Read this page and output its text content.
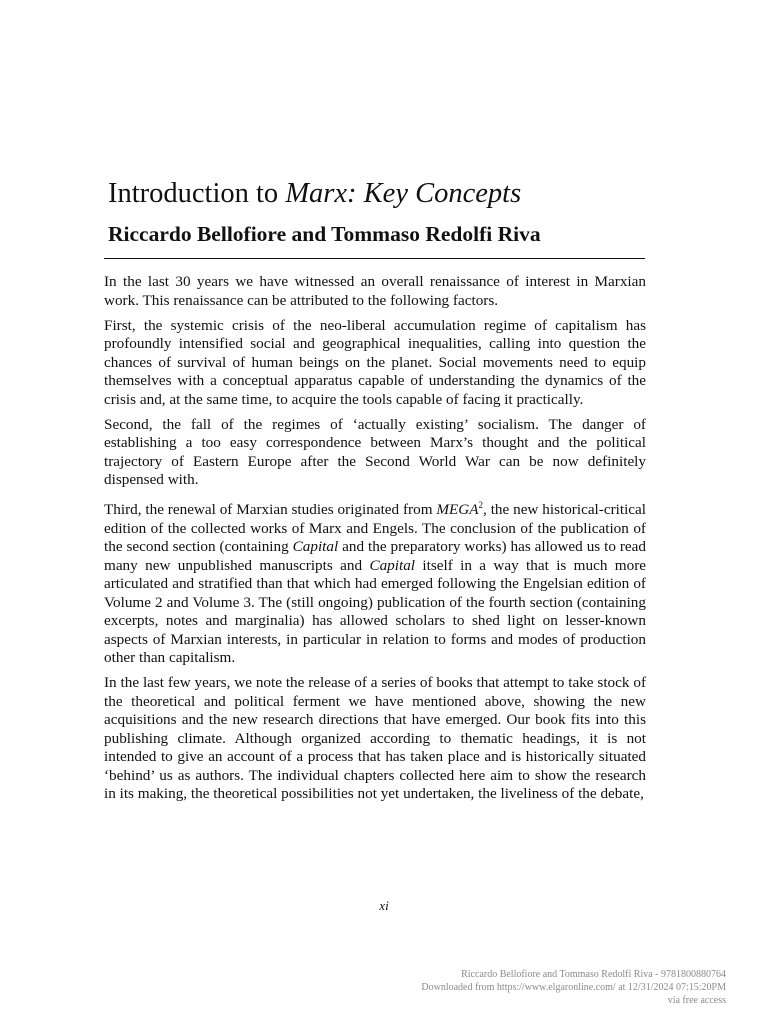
Introduction to Marx: Key Concepts
Riccardo Bellofiore and Tommaso Redolfi Riva

In the last 30 years we have witnessed an overall renaissance of interest in Marxian work. This renaissance can be attributed to the following factors.

First, the systemic crisis of the neo-liberal accumulation regime of capitalism has profoundly intensified social and geographical inequalities, calling into question the chances of survival of human beings on the planet. Social movements need to equip themselves with a conceptual apparatus capable of understanding the dynamics of the crisis and, at the same time, to acquire the tools capable of facing it practically.

Second, the fall of the regimes of ‘actually existing’ socialism. The danger of establishing a too easy correspondence between Marx’s thought and the political trajectory of Eastern Europe after the Second World War can be now definitely dispensed with.

Third, the renewal of Marxian studies originated from MEGA$^2$, the new historical-critical edition of the collected works of Marx and Engels. The conclusion of the publication of the second section (containing Capital and the preparatory works) has allowed us to read many new unpublished manuscripts and Capital itself in a way that is much more articulated and stratified than that which had emerged following the Engelsian edition of Volume 2 and Volume 3. The (still ongoing) publication of the fourth section (containing excerpts, notes and marginalia) has allowed scholars to shed light on lesser-known aspects of Marxian interests, in particular in relation to forms and modes of production other than capitalism.

In the last few years, we note the release of a series of books that attempt to take stock of the theoretical and political ferment we have mentioned above, showing the new acquisitions and the new research directions that have emerged. Our book fits into this publishing climate. Although organized according to thematic headings, it is not intended to give an account of a process that has taken place and is historically situated ‘behind’ us as authors. The individual chapters collected here aim to show the research in its making, the theoretical possibilities not yet undertaken, the liveliness of the debate,

xi
Riccardo Bellofiore and Tommaso Redolfi Riva - 9781800880764
Downloaded from https://www.elgaronline.com/ at 12/31/2024 07:15:20PM
via free access
